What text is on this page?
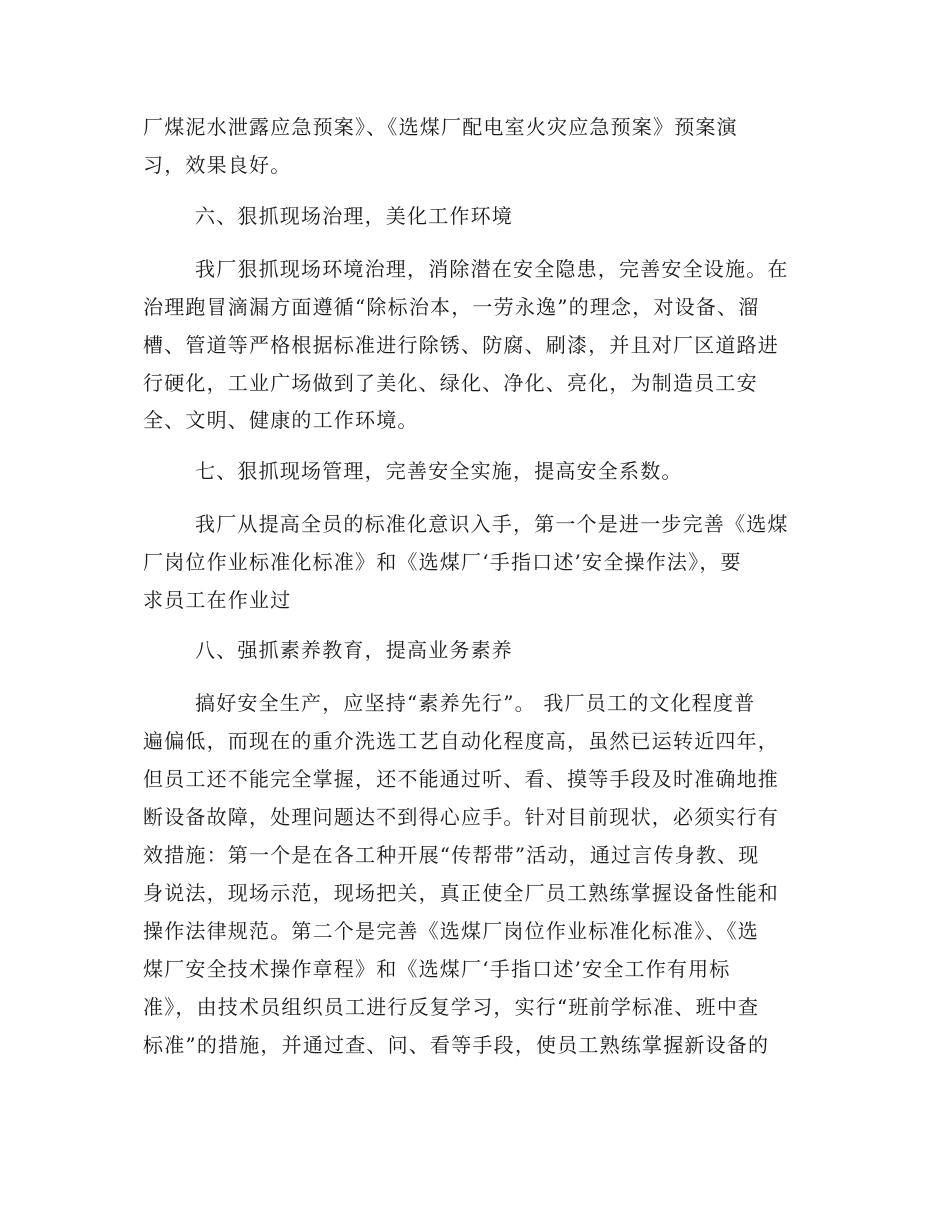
厂煤泥水泄露应急预案》、《选煤厂配电室火灾应急预案》预案演
习，效果良好。
六、狠抓现场治理，美化工作环境
我厂狠抓现场环境治理，消除潜在安全隐患，完善安全设施。在
治理跑冒滴漏方面遵循“除标治本，一劳永逸”的理念，对设备、溜
槽、管道等严格根据标准进行除锈、防腐、刷漆，并且对厂区道路进
行硬化，工业广场做到了美化、绿化、净化、亮化，为制造员工安
全、文明、健康的工作环境。
七、狠抓现场管理，完善安全实施，提高安全系数。
我厂从提高全员的标准化意识入手，第一个是进一步完善《选煤
厂岗位作业标准化标准》和《选煤厂‘手指口述’安全操作法》，要
求员工在作业过
八、强抓素养教育，提高业务素养
搞好安全生产，应坚持“素养先行”。 我厂员工的文化程度普
遍偏低，而现在的重介洗选工艺自动化程度高，虽然已运转近四年，
但员工还不能完全掌握，还不能通过听、看、摸等手段及时准确地推
断设备故障，处理问题达不到得心应手。针对目前现状，必须实行有
效措施：第一个是在各工种开展“传帮带”活动，通过言传身教、现
身说法，现场示范，现场把关，真正使全厂员工熟练掌握设备性能和
操作法律规范。第二个是完善《选煤厂岗位作业标准化标准》、《选
煤厂安全技术操作章程》和《选煤厂‘手指口述’安全工作有用标
准》，由技术员组织员工进行反复学习，实行“班前学标准、班中查
标准”的措施，并通过查、问、看等手段，使员工熟练掌握新设备的
